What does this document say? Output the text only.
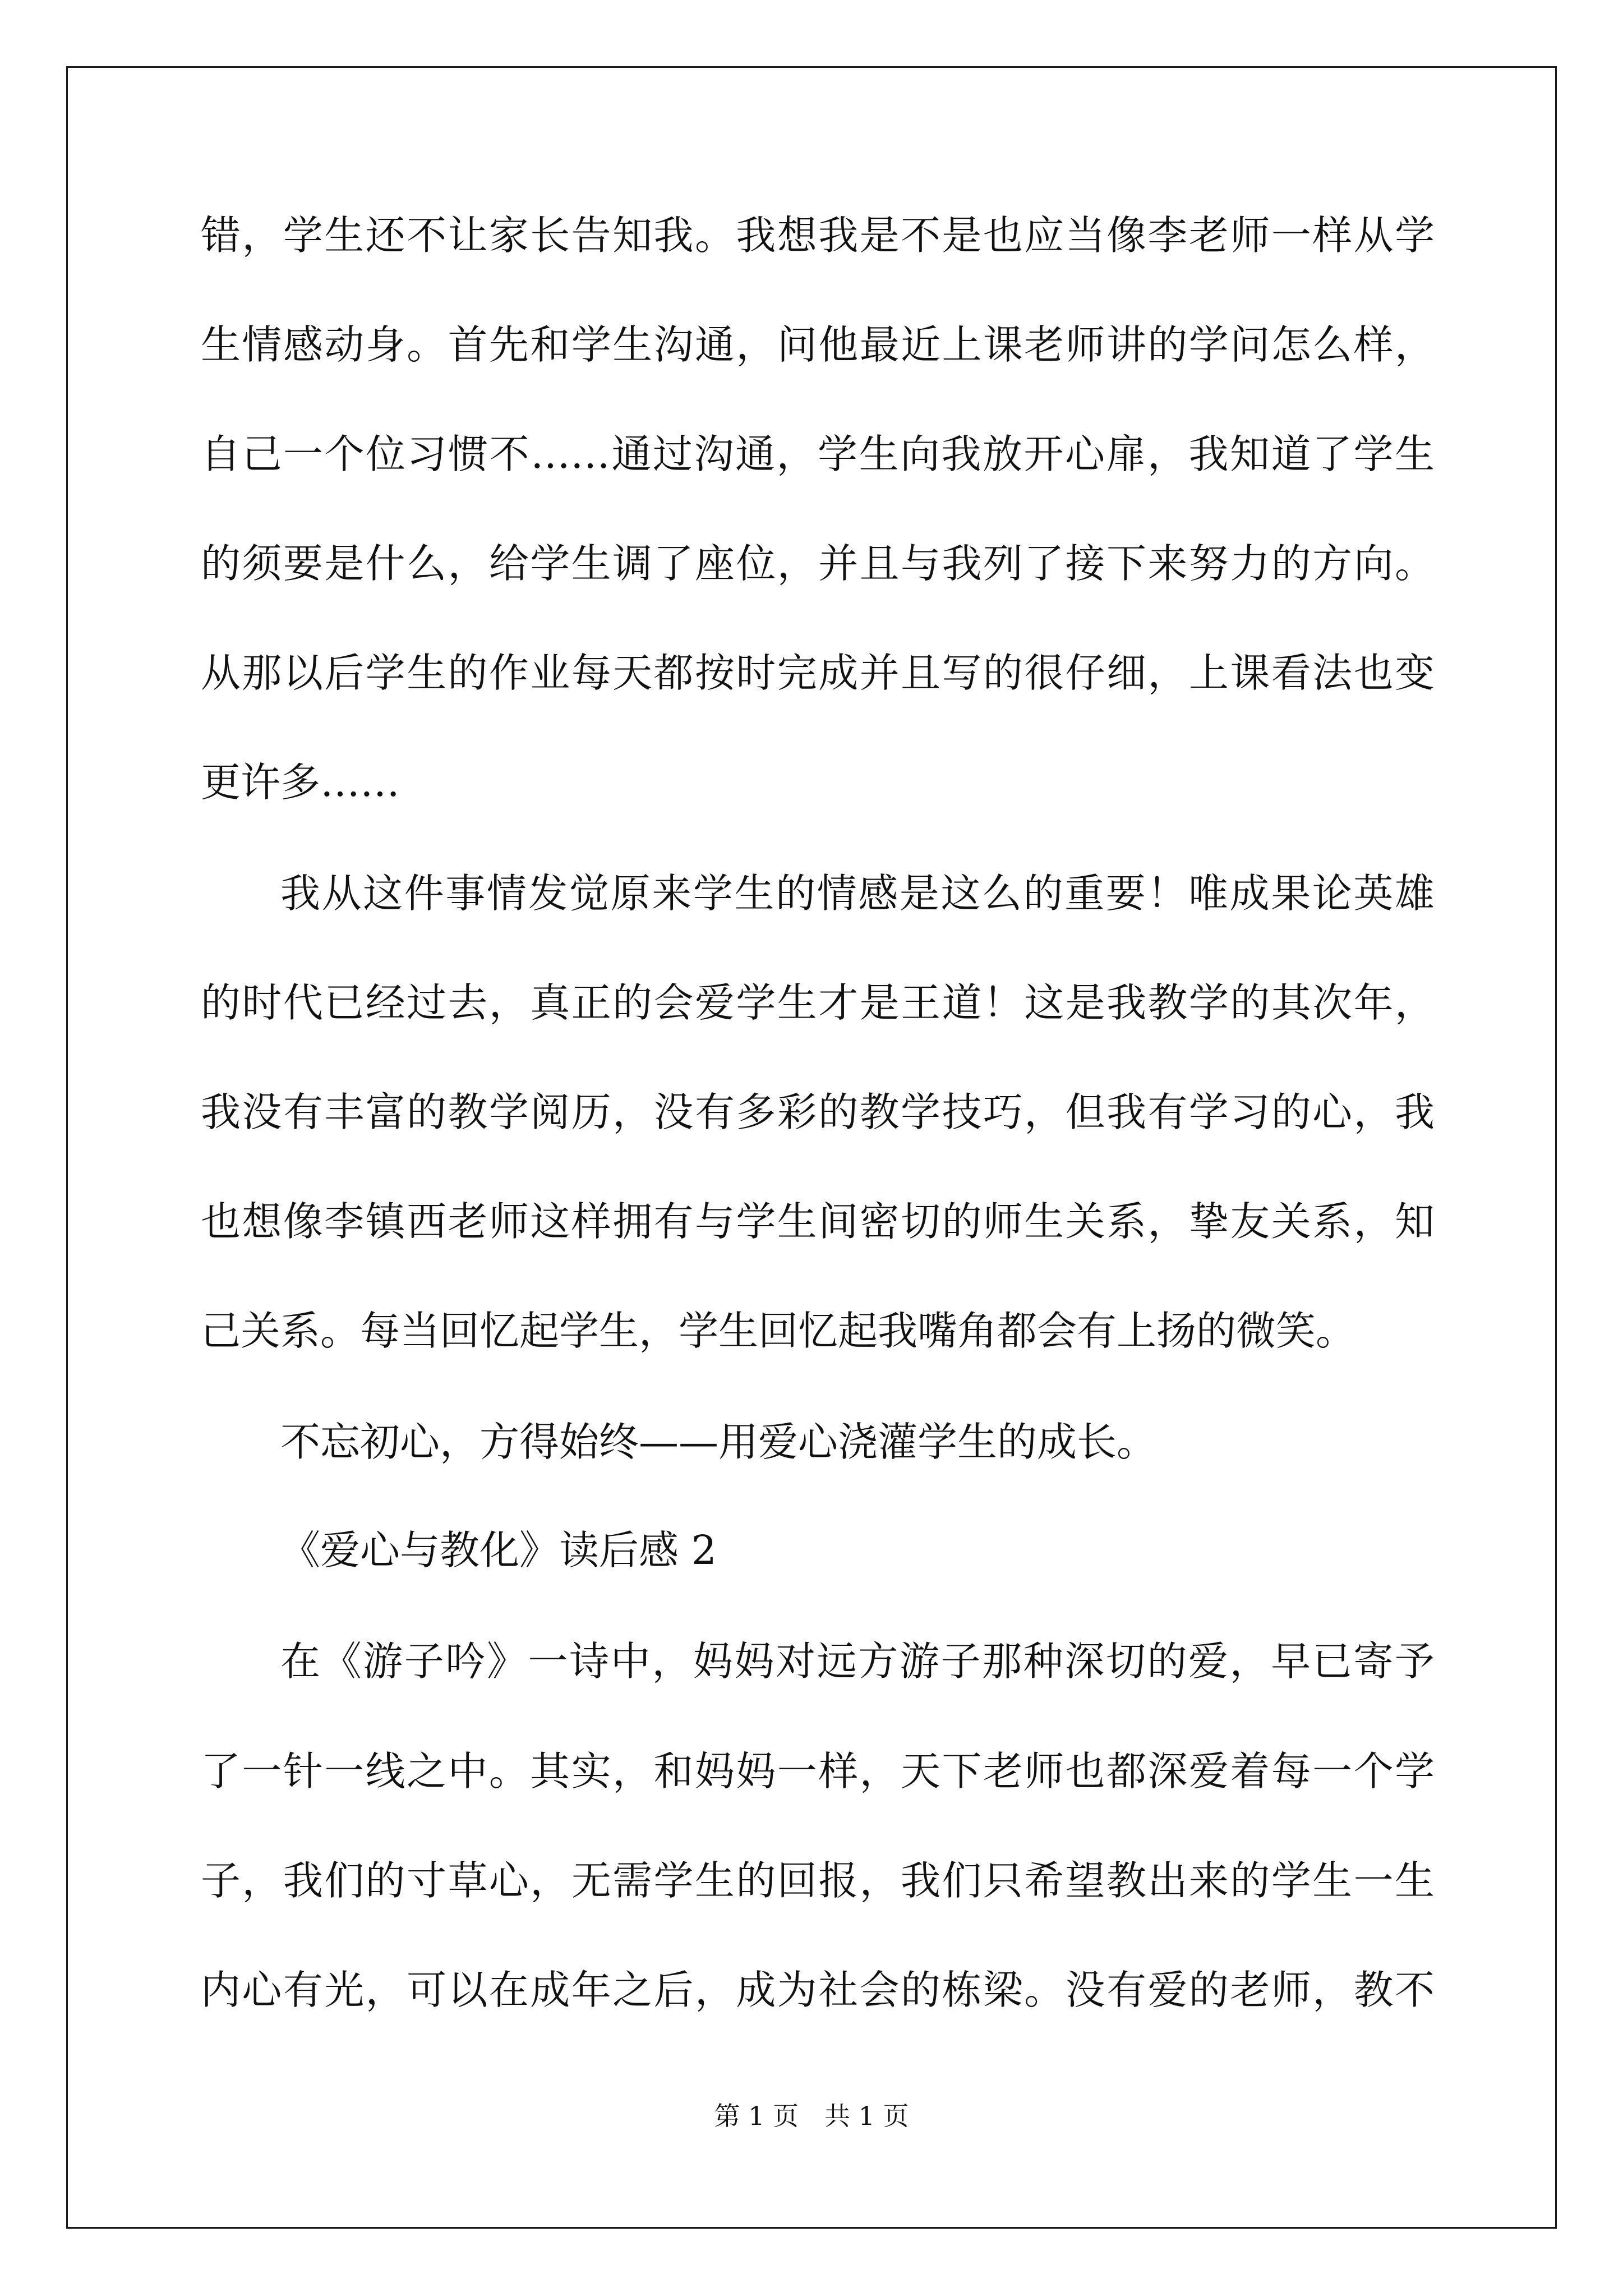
错，学生还不让家长告知我。我想我是不是也应当像李老师一样从学
生情感动身。首先和学生沟通，问他最近上课老师讲的学问怎么样，
自己一个位习惯不……通过沟通，学生向我放开心扉，我知道了学生
的须要是什么，给学生调了座位，并且与我列了接下来努力的方向。
从那以后学生的作业每天都按时完成并且写的很仔细，上课看法也变
更许多……
我从这件事情发觉原来学生的情感是这么的重要！唯成果论英雄
的时代已经过去，真正的会爱学生才是王道！这是我教学的其次年，
我没有丰富的教学阅历，没有多彩的教学技巧，但我有学习的心，我
也想像李镇西老师这样拥有与学生间密切的师生关系，挚友关系，知
己关系。每当回忆起学生，学生回忆起我嘴角都会有上扬的微笑。
不忘初心，方得始终——用爱心浇灌学生的成长。
《爱心与教化》读后感 2
在《游子吟》一诗中，妈妈对远方游子那种深切的爱，早已寄予
了一针一线之中。其实，和妈妈一样，天下老师也都深爱着每一个学
子，我们的寸草心，无需学生的回报，我们只希望教出来的学生一生
内心有光，可以在成年之后，成为社会的栋梁。没有爱的老师，教不
第 1 页　共 1 页
